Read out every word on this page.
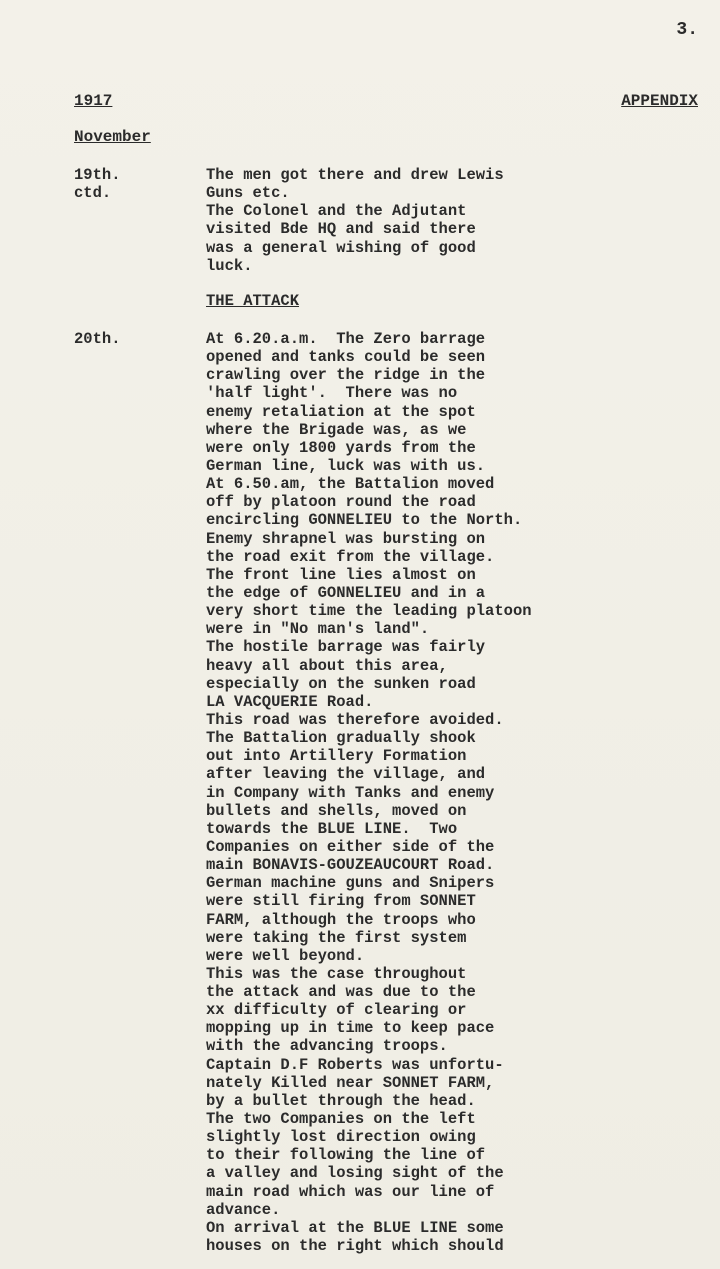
3.
1917	APPENDIX
November
19th.
ctd.
The men got there and drew Lewis
Guns etc.
The Colonel and the Adjutant
visited Bde HQ and said there
was a general wishing of good
luck.
THE ATTACK
20th.	At 6.20.a.m.  The Zero barrage
opened and tanks could be seen
crawling over the ridge in the
'half light'.  There was no
enemy retaliation at the spot
where the Brigade was, as we
were only 1800 yards from the
German line, luck was with us.
At 6.50.am, the Battalion moved
off by platoon round the road
encircling GONNELIEU to the North.
Enemy shrapnel was bursting on
the road exit from the village.
The front line lies almost on
the edge of GONNELIEU and in a
very short time the leading platoon
were in "No man's land".
The hostile barrage was fairly
heavy all about this area,
especially on the sunken road
LA VACQUERIE Road.
This road was therefore avoided.
The Battalion gradually shook
out into Artillery Formation
after leaving the village, and
in Company with Tanks and enemy
bullets and shells, moved on
towards the BLUE LINE.  Two
Companies on either side of the
main BONAVIS-GOUZEAUCOURT Road.
German machine guns and Snipers
were still firing from SONNET
FARM, although the troops who
were taking the first system
were well beyond.
This was the case throughout
the attack and was due to the
xx difficulty of clearing or
mopping up in time to keep pace
with the advancing troops.
Captain D.F Roberts was unfortu-
nately Killed near SONNET FARM,
by a bullet through the head.
The two Companies on the left
slightly lost direction owing
to their following the line of
a valley and losing sight of the
main road which was our line of
advance.
On arrival at the BLUE LINE some
houses on the right which should
